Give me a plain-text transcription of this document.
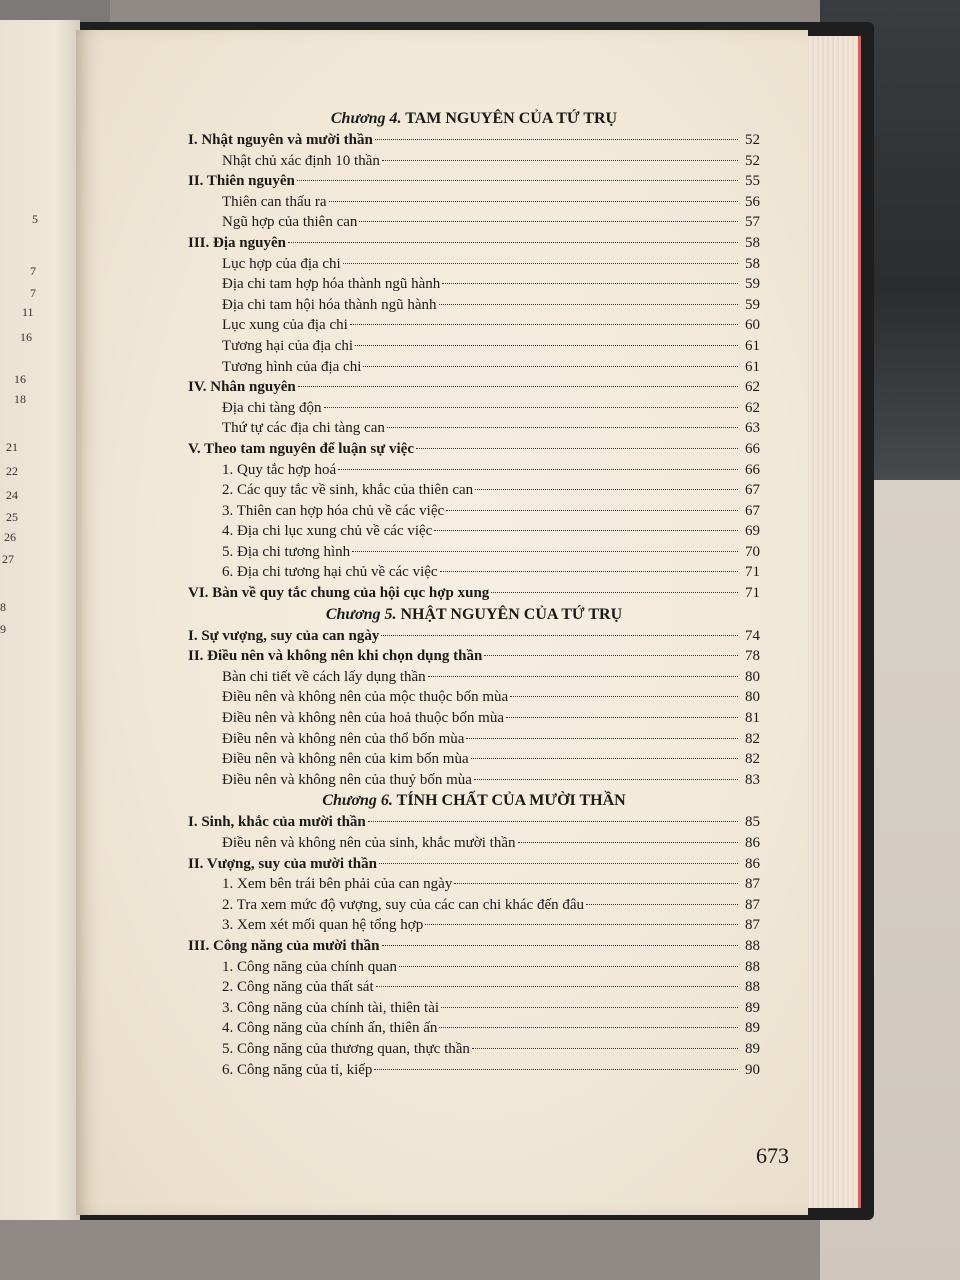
5
7
7
11
16
16
18
21
22
24
25
26
27
8
9
Chương 4. TAM NGUYÊN CỦA TỨ TRỤ
I. Nhật nguyên và mười thần	52
Nhật chủ xác định 10 thần	52
II. Thiên nguyên	55
Thiên can thấu ra	56
Ngũ hợp của thiên can	57
III. Địa nguyên	58
Lục hợp của địa chi	58
Địa chi tam hợp hóa thành ngũ hành	59
Địa chi tam hội hóa thành ngũ hành	59
Lục xung của địa chi	60
Tương hại của địa chi	61
Tương hình của địa chi	61
IV. Nhân nguyên	62
Địa chi tàng độn	62
Thứ tự các địa chi tàng can	63
V. Theo tam nguyên để luận sự việc	66
1. Quy tắc hợp hoá	66
2. Các quy tắc về sinh, khắc của thiên can	67
3. Thiên can hợp hóa chủ về các việc	67
4. Địa chi lục xung chủ về các việc	69
5. Địa chi tương hình	70
6. Địa chi tương hại chủ về các việc	71
VI. Bàn về quy tắc chung của hội cục hợp xung	71
Chương 5. NHẬT NGUYÊN CỦA TỨ TRỤ
I. Sự vượng, suy của can ngày	74
II. Điều nên và không nên khi chọn dụng thần	78
Bàn chi tiết về cách lấy dụng thần	80
Điều nên và không nên của mộc thuộc bốn mùa	80
Điều nên và không nên của hoả thuộc bốn mùa	81
Điều nên và không nên của thổ bốn mùa	82
Điều nên và không nên của kim bốn mùa	82
Điều nên và không nên của thuỷ bốn mùa	83
Chương 6. TÍNH CHẤT CỦA MƯỜI THẦN
I. Sinh, khắc của mười thần	85
Điều nên và không nên của sinh, khắc mười thần	86
II. Vượng, suy của mười thần	86
1. Xem bên trái bên phải của can ngày	87
2. Tra xem mức độ vượng, suy của các can chi khác đến đâu	87
3. Xem xét mối quan hệ tổng hợp	87
III. Công năng của mười thần	88
1. Công năng của chính quan	88
2. Công năng của thất sát	88
3. Công năng của chính tài, thiên tài	89
4. Công năng của chính ấn, thiên ấn	89
5. Công năng của thương quan, thực thần	89
6. Công năng của tỉ, kiếp	90
673
